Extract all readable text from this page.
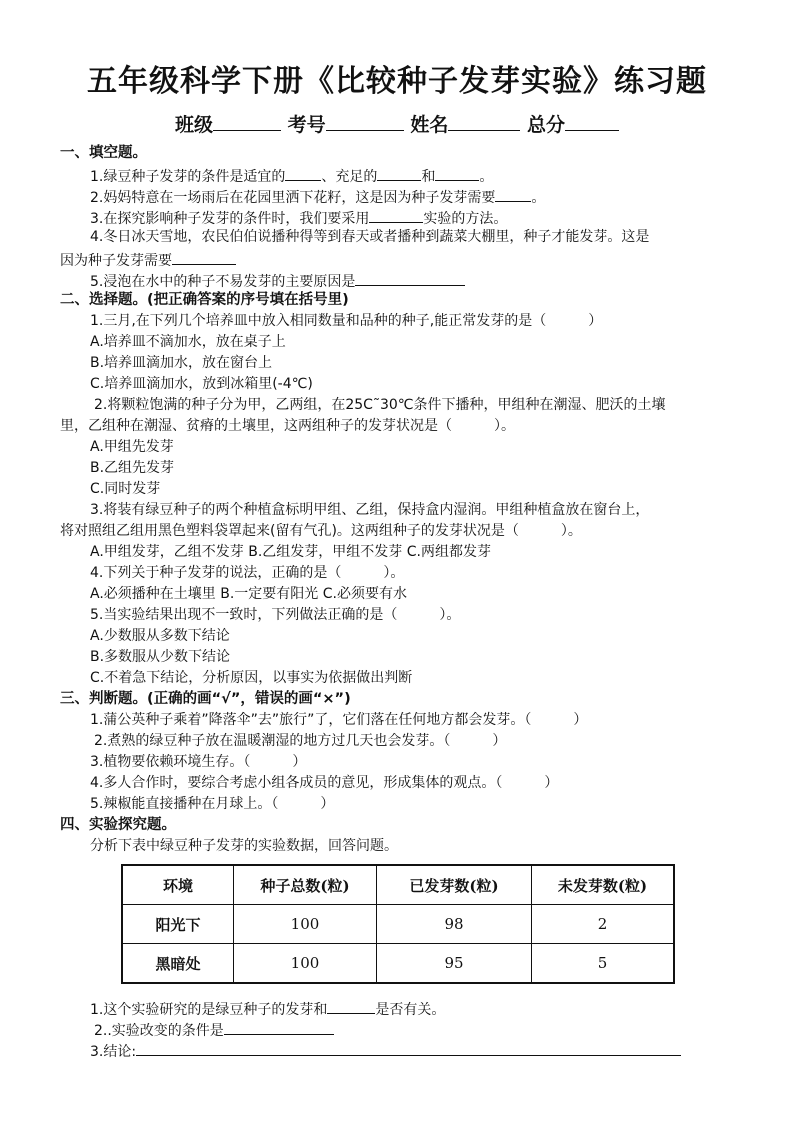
五年级科学下册《比较种子发芽实验》练习题
班级	考号	姓名	总分
一、填空题。
1.绿豆种子发芽的条件是适宜的	、充足的	和	。
2.妈妈特意在一场雨后在花园里洒下花籽，这是因为种子发芽需要	。
3.在探究影响种子发芽的条件时，我们要采用	实验的方法。
4.冬日冰天雪地，农民伯伯说播种得等到春天或者播种到蔬菜大棚里，种子才能发芽。这是
因为种子发芽需要
5.浸泡在水中的种子不易发芽的主要原因是
二、选择题。(把正确答案的序号填在括号里)
1.三月,在下列几个培养皿中放入相同数量和品种的种子,能正常发芽的是（　　　）
A.培养皿不滴加水，放在桌子上
B.培养皿滴加水，放在窗台上
C.培养皿滴加水，放到冰箱里(-4℃)
2.将颗粒饱满的种子分为甲，乙两组，在25C˜30℃条件下播种，甲组种在潮湿、肥沃的土壤
里，乙组种在潮湿、贫瘠的土壤里，这两组种子的发芽状况是（　　　）。
A.甲组先发芽
B.乙组先发芽
C.同时发芽
3.将装有绿豆种子的两个种植盒标明甲组、乙组，保持盒内湿润。甲组种植盒放在窗台上，
将对照组乙组用黑色塑料袋罩起来(留有气孔)。这两组种子的发芽状况是（　　　）。
A.甲组发芽，乙组不发芽 B.乙组发芽，甲组不发芽 C.两组都发芽
4.下列关于种子发芽的说法，正确的是（　　　）。
A.必须播种在土壤里 B.一定要有阳光 C.必须要有水
5.当实验结果出现不一致时，下列做法正确的是（　　　）。
A.少数服从多数下结论
B.多数服从少数下结论
C.不着急下结论，分析原因，以事实为依据做出判断
三、判断题。(正确的画“√”，错误的画“×”)
1.蒲公英种子乘着”降落伞”去”旅行”了，它们落在任何地方都会发芽。（　　　）
2.煮熟的绿豆种子放在温暖潮湿的地方过几天也会发芽。（　　　）
3.植物要依赖环境生存。（　　　）
4.多人合作时，要综合考虑小组各成员的意见，形成集体的观点。（　　　）
5.辣椒能直接播种在月球上。（　　　）
四、实验探究题。
分析下表中绿豆种子发芽的实验数据，回答问题。
环境	种子总数(粒)	已发芽数(粒)	未发芽数(粒)
阳光下	100	98	2
黑暗处	100	95	5
1.这个实验研究的是绿豆种子的发芽和	是否有关。
2..实验改变的条件是
3.结论:
